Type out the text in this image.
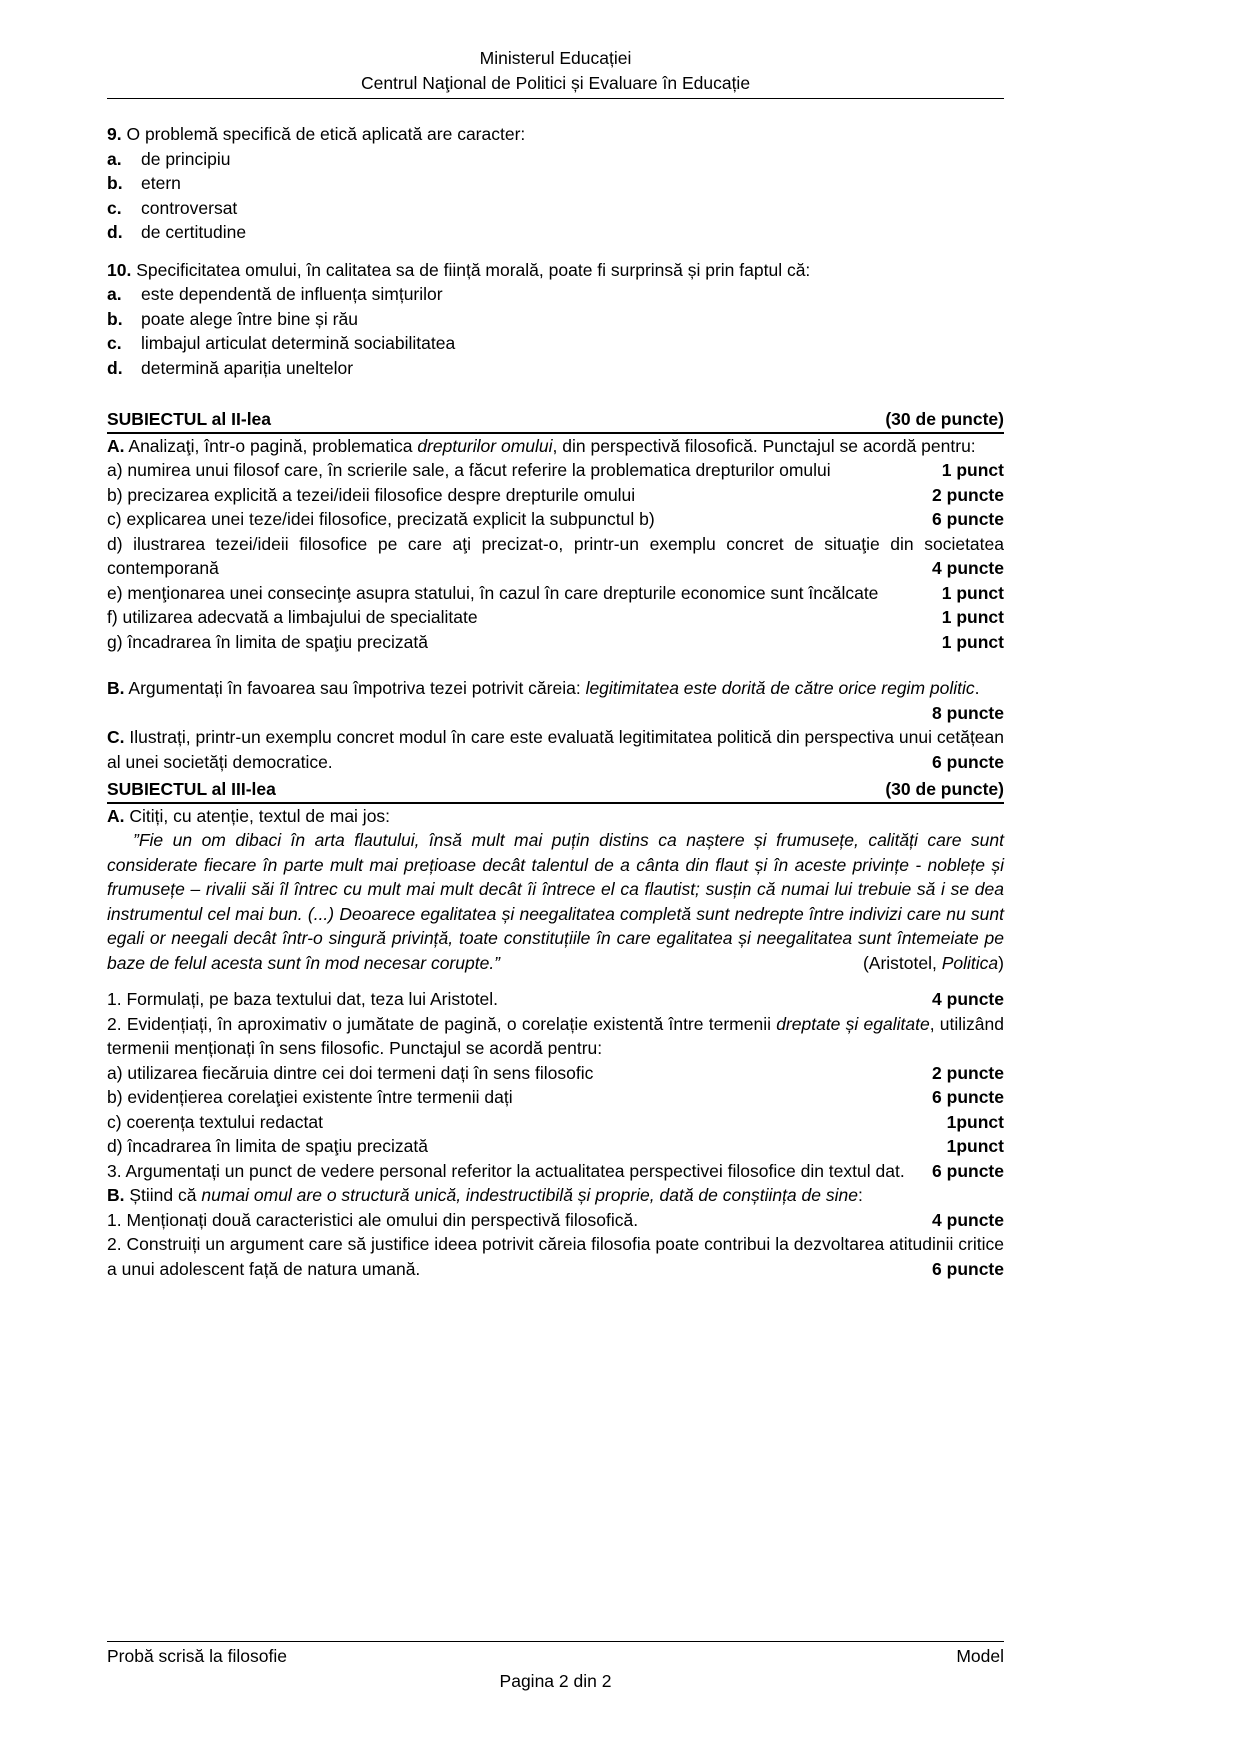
Ministerul Educației
Centrul Naţional de Politici și Evaluare în Educație

9. O problemă specifică de etică aplicată are caracter:

a.	de principiu
b.	etern
c.	controversat
d.	de certitudine

10. Specificitatea omului, în calitatea sa de ființă morală, poate fi surprinsă și prin faptul că:

a.	este dependentă de influența simțurilor
b.	poate alege între bine și rău
c.	limbajul articulat determină sociabilitatea
d.	determină apariția uneltelor
SUBIECTUL al II-lea	(30 de puncte)

A. Analizaţi, într-o pagină, problematica drepturilor omului, din perspectivă filosofică. Punctajul se acordă pentru:

a) numirea unui filosof care, în scrierile sale, a făcut referire la problematica drepturilor omului	1 punct

b) precizarea explicită a tezei/ideii filosofice despre drepturile omului	2 puncte

c) explicarea unei teze/idei filosofice, precizată explicit la subpunctul b)	6 puncte

d) ilustrarea tezei/ideii filosofice pe care aţi precizat-o, printr-un exemplu concret de situaţie din societatea contemporană	4 puncte

e) menţionarea unei consecinţe asupra statului, în cazul în care drepturile economice sunt încălcate	1 punct

f) utilizarea adecvată a limbajului de specialitate	1 punct

g) încadrarea în limita de spaţiu precizată	1 punct

B. Argumentați în favoarea sau împotriva tezei potrivit căreia: legitimitatea este dorită de către orice regim politic.
8 puncte

C. Ilustrați, printr-un exemplu concret modul în care este evaluată legitimitatea politică din perspectiva unui cetățean al unei societăți democratice.	6 puncte

SUBIECTUL al III-lea	(30 de puncte)

A. Citiți, cu atenție, textul de mai jos:

”Fie un om dibaci în arta flautului, însă mult mai puțin distins ca naștere și frumusețe, calități care sunt considerate fiecare în parte mult mai prețioase decât talentul de a cânta din flaut și în aceste privințe - noblețe și frumusețe – rivalii săi îl întrec cu mult mai mult decât îi întrece el ca flautist; susțin că numai lui trebuie să i se dea instrumentul cel mai bun. (...) Deoarece egalitatea și neegalitatea completă sunt nedrepte între indivizi care nu sunt egali or neegali decât într-o singură privință, toate constituțiile în care egalitatea și neegalitatea sunt întemeiate pe baze de felul acesta sunt în mod necesar corupte.”	(Aristotel, Politica)

1. Formulați, pe baza textului dat, teza lui Aristotel.	4 puncte

2. Evidențiați, în aproximativ o jumătate de pagină, o corelație existentă între termenii dreptate și egalitate, utilizând termenii menționați în sens filosofic. Punctajul se acordă pentru:

a) utilizarea fiecăruia dintre cei doi termeni dați în sens filosofic	2 puncte

b) evidențierea corelaţiei existente între termenii dați	6 puncte

c) coerența textului redactat	1punct

d) încadrarea în limita de spaţiu precizată	1punct

3. Argumentați un punct de vedere personal referitor la actualitatea perspectivei filosofice din textul dat.	6 puncte

B. Știind că numai omul are o structură unică, indestructibilă și proprie, dată de conștiința de sine:

1. Menționați două caracteristici ale omului din perspectivă filosofică.	4 puncte

2. Construiți un argument care să justifice ideea potrivit căreia filosofia poate contribui la dezvoltarea atitudinii critice a unui adolescent față de natura umană.	6 puncte

Probă scrisă la filosofie	Model
Pagina 2 din 2
